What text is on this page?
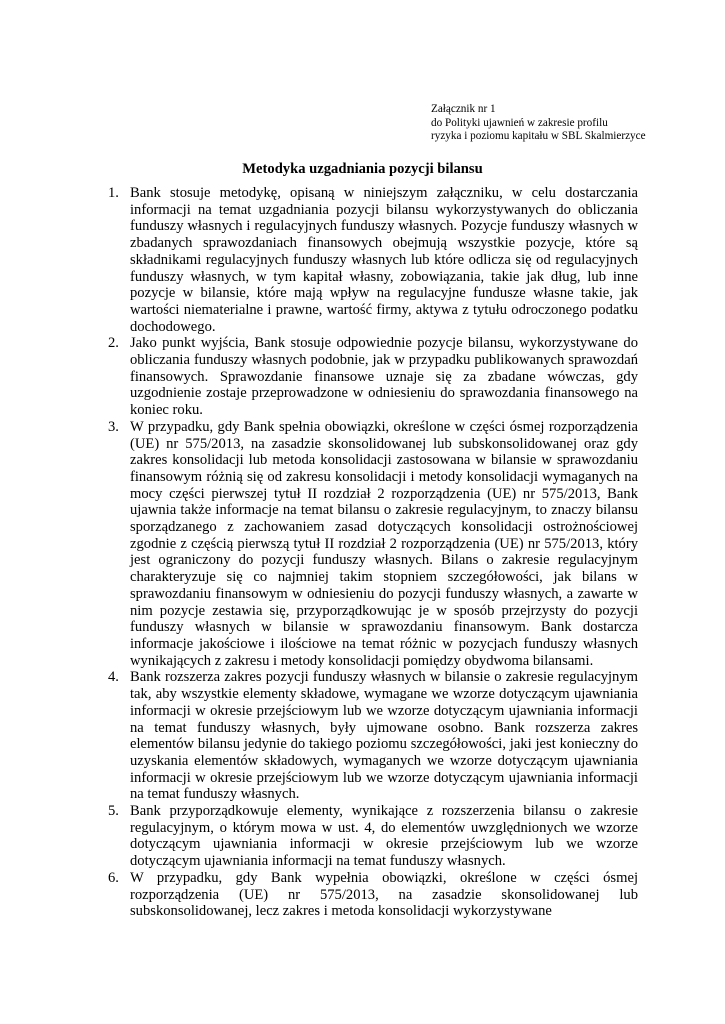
Załącznik nr 1
do Polityki ujawnień w zakresie profilu
ryzyka i poziomu kapitału w SBL Skalmierzyce
Metodyka uzgadniania pozycji bilansu
1. Bank stosuje metodykę, opisaną w niniejszym załączniku, w celu dostarczania informacji na temat uzgadniania pozycji bilansu wykorzystywanych do obliczania funduszy własnych i regulacyjnych funduszy własnych. Pozycje funduszy własnych w zbadanych sprawozdaniach finansowych obejmują wszystkie pozycje, które są składnikami regulacyjnych funduszy własnych lub które odlicza się od regulacyjnych funduszy własnych, w tym kapitał własny, zobowiązania, takie jak dług, lub inne pozycje w bilansie, które mają wpływ na regulacyjne fundusze własne takie, jak wartości niematerialne i prawne, wartość firmy, aktywa z tytułu odroczonego podatku dochodowego.
2. Jako punkt wyjścia, Bank stosuje odpowiednie pozycje bilansu, wykorzystywane do obliczania funduszy własnych podobnie, jak w przypadku publikowanych sprawozdań finansowych. Sprawozdanie finansowe uznaje się za zbadane wówczas, gdy uzgodnienie zostaje przeprowadzone w odniesieniu do sprawozdania finansowego na koniec roku.
3. W przypadku, gdy Bank spełnia obowiązki, określone w części ósmej rozporządzenia (UE) nr 575/2013, na zasadzie skonsolidowanej lub subskonsolidowanej oraz gdy zakres konsolidacji lub metoda konsolidacji zastosowana w bilansie w sprawozdaniu finansowym różnią się od zakresu konsolidacji i metody konsolidacji wymaganych na mocy części pierwszej tytuł II rozdział 2 rozporządzenia (UE) nr 575/2013, Bank ujawnia także informacje na temat bilansu o zakresie regulacyjnym, to znaczy bilansu sporządzanego z zachowaniem zasad dotyczących konsolidacji ostrożnościowej zgodnie z częścią pierwszą tytuł II rozdział 2 rozporządzenia (UE) nr 575/2013, który jest ograniczony do pozycji funduszy własnych. Bilans o zakresie regulacyjnym charakteryzuje się co najmniej takim stopniem szczegółowości, jak bilans w sprawozdaniu finansowym w odniesieniu do pozycji funduszy własnych, a zawarte w nim pozycje zestawia się, przyporządkowując je w sposób przejrzysty do pozycji funduszy własnych w bilansie w sprawozdaniu finansowym. Bank dostarcza informacje jakościowe i ilościowe na temat różnic w pozycjach funduszy własnych wynikających z zakresu i metody konsolidacji pomiędzy obydwoma bilansami.
4. Bank rozszerza zakres pozycji funduszy własnych w bilansie o zakresie regulacyjnym tak, aby wszystkie elementy składowe, wymagane we wzorze dotyczącym ujawniania informacji w okresie przejściowym lub we wzorze dotyczącym ujawniania informacji na temat funduszy własnych, były ujmowane osobno. Bank rozszerza zakres elementów bilansu jedynie do takiego poziomu szczegółowości, jaki jest konieczny do uzyskania elementów składowych, wymaganych we wzorze dotyczącym ujawniania informacji w okresie przejściowym lub we wzorze dotyczącym ujawniania informacji na temat funduszy własnych.
5. Bank przyporządkowuje elementy, wynikające z rozszerzenia bilansu o zakresie regulacyjnym, o którym mowa w ust. 4, do elementów uwzględnionych we wzorze dotyczącym ujawniania informacji w okresie przejściowym lub we wzorze dotyczącym ujawniania informacji na temat funduszy własnych.
6. W przypadku, gdy Bank wypełnia obowiązki, określone w części ósmej rozporządzenia (UE) nr 575/2013, na zasadzie skonsolidowanej lub subskonsolidowanej, lecz zakres i metoda konsolidacji wykorzystywane
